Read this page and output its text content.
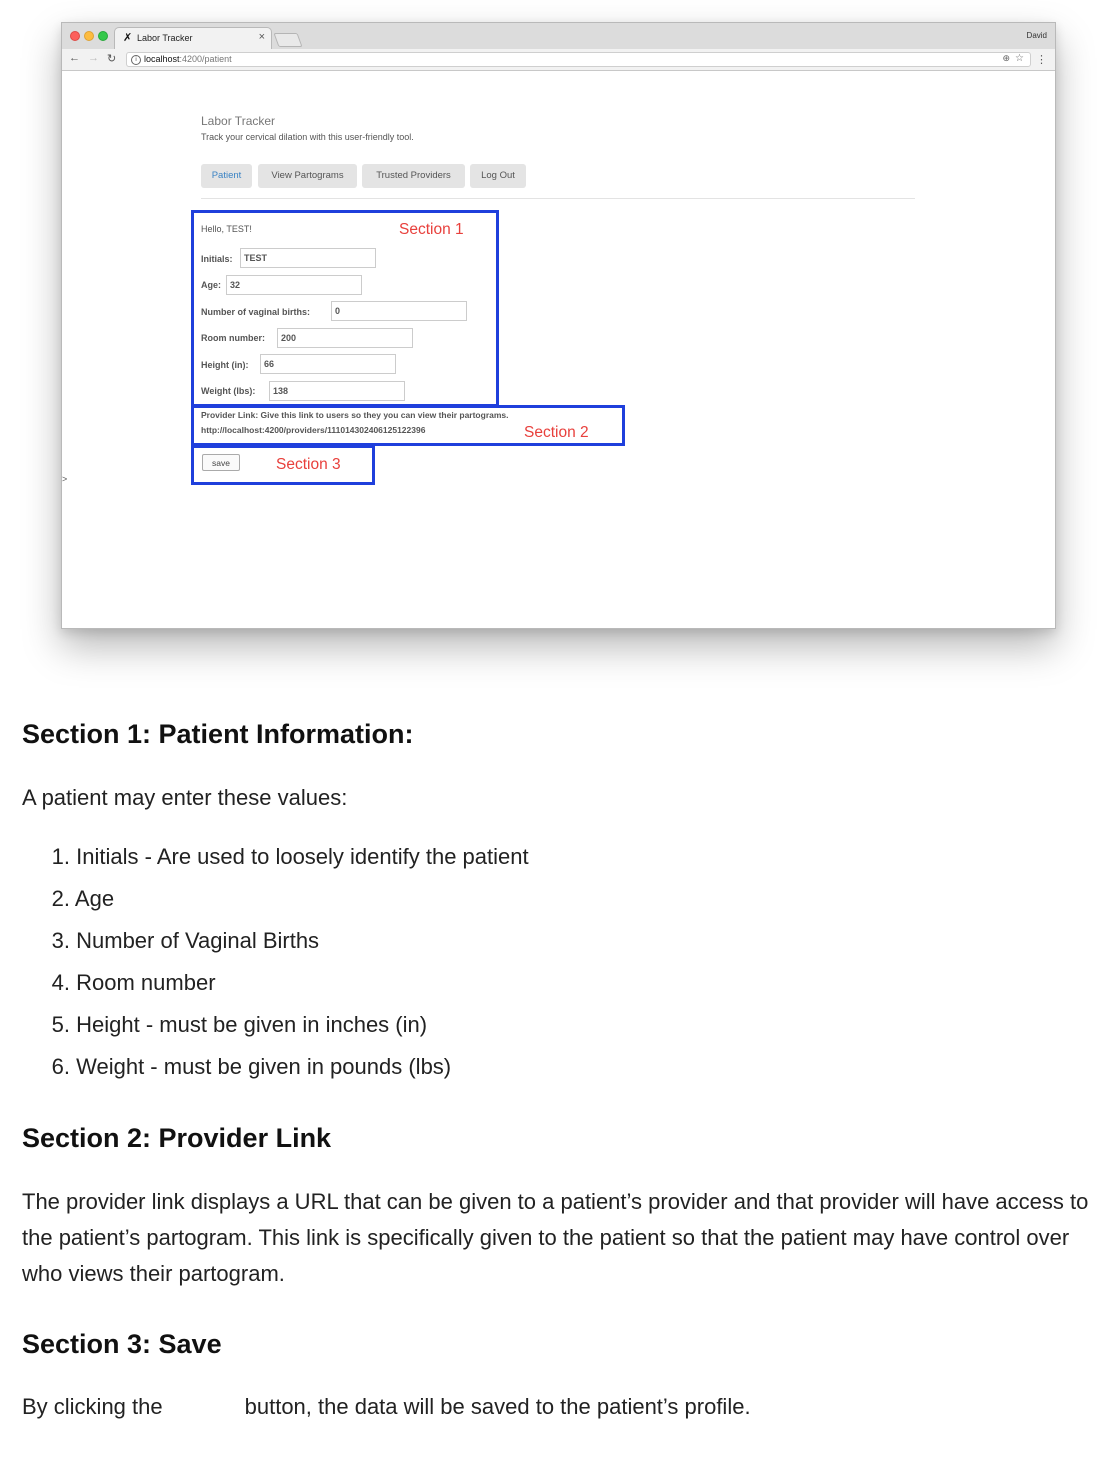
✗ Labor Tracker	×	David
← → ↻	i localhost:4200/patient	⊕ ☆ ⋮
Labor Tracker
Track your cervical dilation with this user-friendly tool.
Patient	View Partograms	Trusted Providers	Log Out
Hello, TEST!
Initials:	TEST
Age:	32
Number of vaginal births:	0
Room number:	200
Height (in):	66
Weight (lbs):	138
Provider Link: Give this link to users so they you can view their partograms.
http://localhost:4200/providers/111014302406125122396
save
>
Section 1
Section 2
Section 3
Section 1: Patient Information:

A patient may enter these values:

1. Initials - Are used to loosely identify the patient
2. Age
3. Number of Vaginal Births
4. Room number
5. Height - must be given in inches (in)
6. Weight - must be given in pounds (lbs)
Section 2: Provider Link

The provider link displays a URL that can be given to a patient’s provider and that provider will have access to the patient’s partogram. This link is specifically given to the patient so that the patient may have control over who views their partogram.

Section 3: Save

By clicking the	button, the data will be saved to the patient’s profile.
